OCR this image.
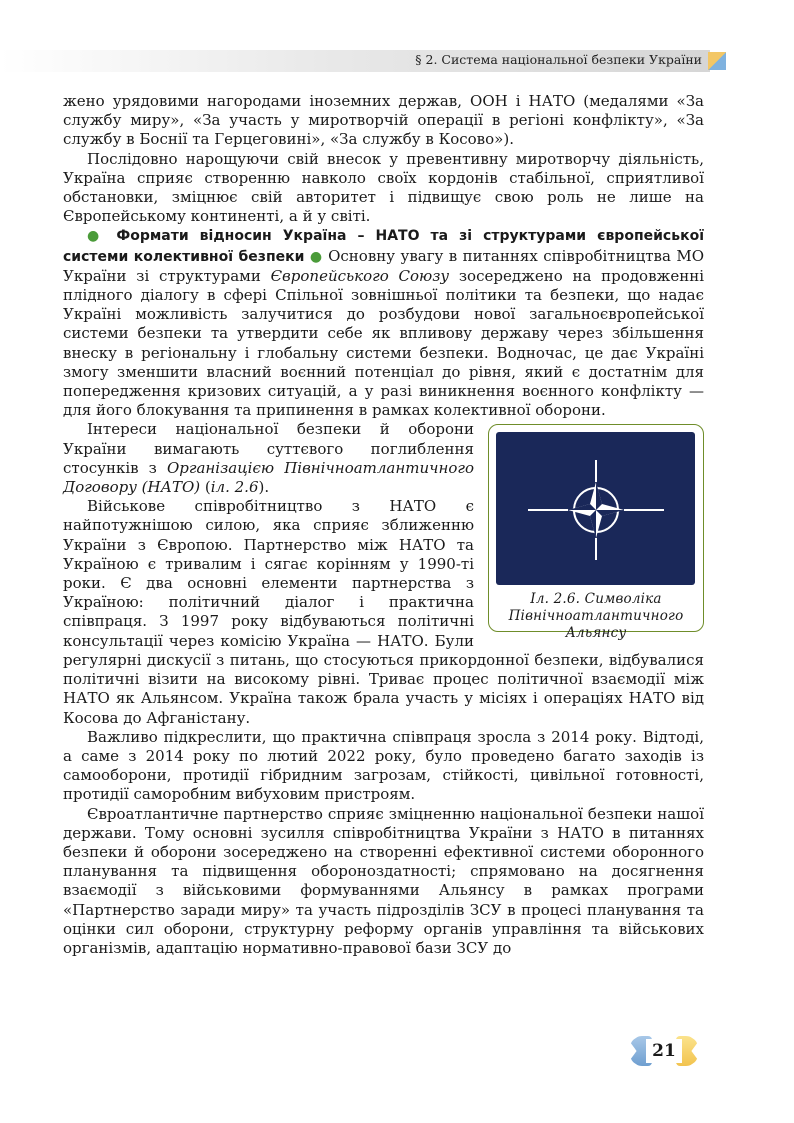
§ 2. Система національної безпеки України

жено урядовими нагородами іноземних держав, ООН і НАТО (медалями «За службу миру», «За участь у миротворчій операції в регіоні конфлікту», «За службу в Боснії та Герцеговині», «За службу в Косово»).

Послідовно нарощуючи свій внесок у превентивну миротворчу діяльність, Україна сприяє створенню навколо своїх кордонів стабільної, сприятливої обстановки, зміцнює свій авторитет і підвищує свою роль не лише на Європейському континенті, а й у світі.

● Формати відносин Україна – НАТО та зі структурами європейської системи колективної безпеки ● Основну увагу в питаннях співробітництва МО України зі структурами Європейського Союзу зосереджено на продовженні плідного діалогу в сфері Спільної зовнішньої політики та безпеки, що надає Україні можливість залучитися до розбудови нової загальноєвропейської системи безпеки та утвердити себе як впливову державу через збільшення внеску в регіональну і глобальну системи безпеки. Водночас, це дає Україні змогу зменшити власний воєнний потенціал до рівня, який є достатнім для попередження кризових ситуацій, а у разі виникнення воєнного конфлікту — для його блокування та припинення в рамках колективної оборони.

Іл. 2.6. Символіка Північноатлантичного Альянсу

Інтереси національної безпеки й оборони України вимагають суттєвого поглиблення стосунків з Організацією Північноатлантичного Договору (НАТО) (іл. 2.6).

Військове співробітництво з НАТО є найпотужнішою силою, яка сприяє зближенню України з Європою. Партнерство між НАТО та Україною є тривалим і сягає корінням у 1990-ті роки. Є два основні елементи партнерства з Україною: політичний діалог і практична співпраця. З 1997 року відбуваються політичні консультації через комісію Україна — НАТО. Були регулярні дискусії з питань, що стосуються прикордонної безпеки, відбувалися політичні візити на високому рівні. Триває процес політичної взаємодії між НАТО як Альянсом. Україна також брала участь у місіях і операціях НАТО від Косова до Афганістану.

Важливо підкреслити, що практична співпраця зросла з 2014 року. Відтоді, а саме з 2014 року по лютий 2022 року, було проведено багато заходів із самооборони, протидії гібридним загрозам, стійкості, цивільної готовності, протидії саморобним вибуховим пристроям.

Євроатлантичне партнерство сприяє зміцненню національної безпеки нашої держави. Тому основні зусилля співробітництва України з НАТО в питаннях безпеки й оборони зосереджено на створенні ефективної системи оборонного планування та підвищення обороноздатності; спрямовано на досягнення взаємодії з військовими формуваннями Альянсу в рамках програми «Партнерство заради миру» та участь підрозділів ЗСУ в процесі планування та оцінки сил оборони, структурну реформу органів управління та військових організмів, адаптацію нормативно-правової бази ЗСУ до

21
